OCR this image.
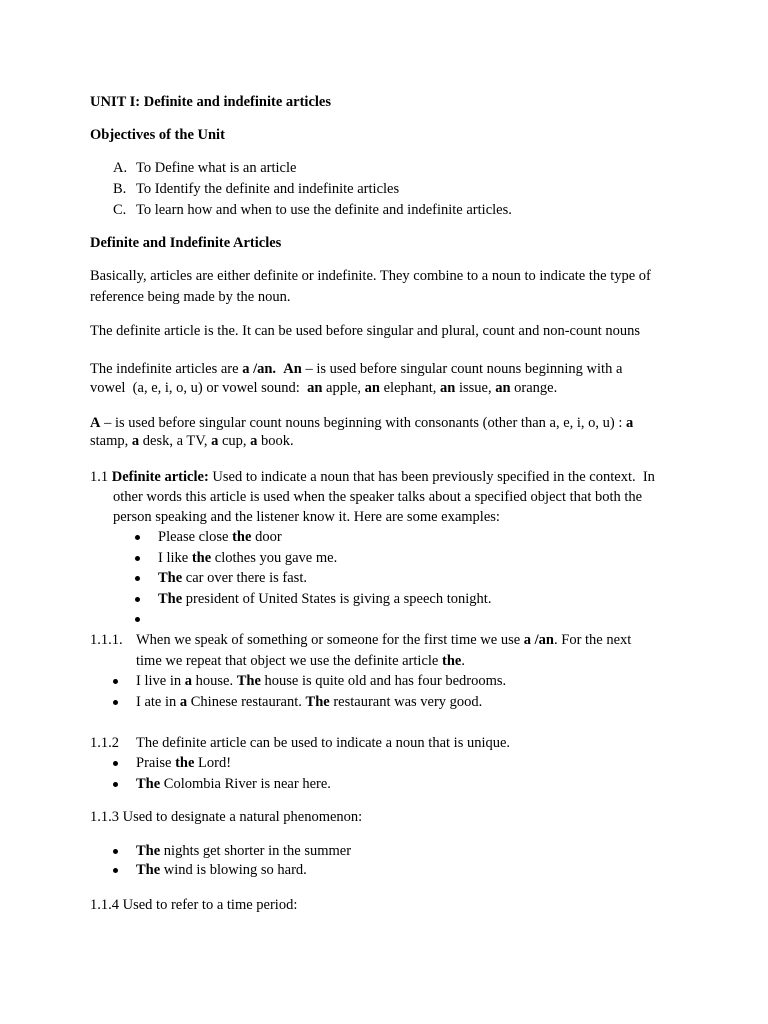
UNIT I: Definite and indefinite articles
Objectives of the Unit
A. To Define what is an article
B. To Identify the definite and indefinite articles
C. To learn how and when to use the definite and indefinite articles.
Definite and Indefinite Articles
Basically, articles are either definite or indefinite. They combine to a noun to indicate the type of
reference being made by the noun.
The definite article is the. It can be used before singular and plural, count and non-count nouns
The indefinite articles are a /an. An – is used before singular count nouns beginning with a
vowel  (a, e, i, o, u) or vowel sound:  an apple, an elephant, an issue, an orange.
A – is used before singular count nouns beginning with consonants (other than a, e, i, o, u) : a
stamp, a desk, a TV, a cup, a book.
1.1 Definite article: Used to indicate a noun that has been previously specified in the context.  In
other words this article is used when the speaker talks about a specified object that both the
person speaking and the listener know it. Here are some examples:
Please close the door
I like the clothes you gave me.
The car over there is fast.
The president of United States is giving a speech tonight.
1.1.1. When we speak of something or someone for the first time we use a /an. For the next
time we repeat that object we use the definite article the.
I live in a house. The house is quite old and has four bedrooms.
I ate in a Chinese restaurant. The restaurant was very good.
1.1.2 The definite article can be used to indicate a noun that is unique.
Praise the Lord!
The Colombia River is near here.
1.1.3 Used to designate a natural phenomenon:
The nights get shorter in the summer
The wind is blowing so hard.
1.1.4 Used to refer to a time period:
